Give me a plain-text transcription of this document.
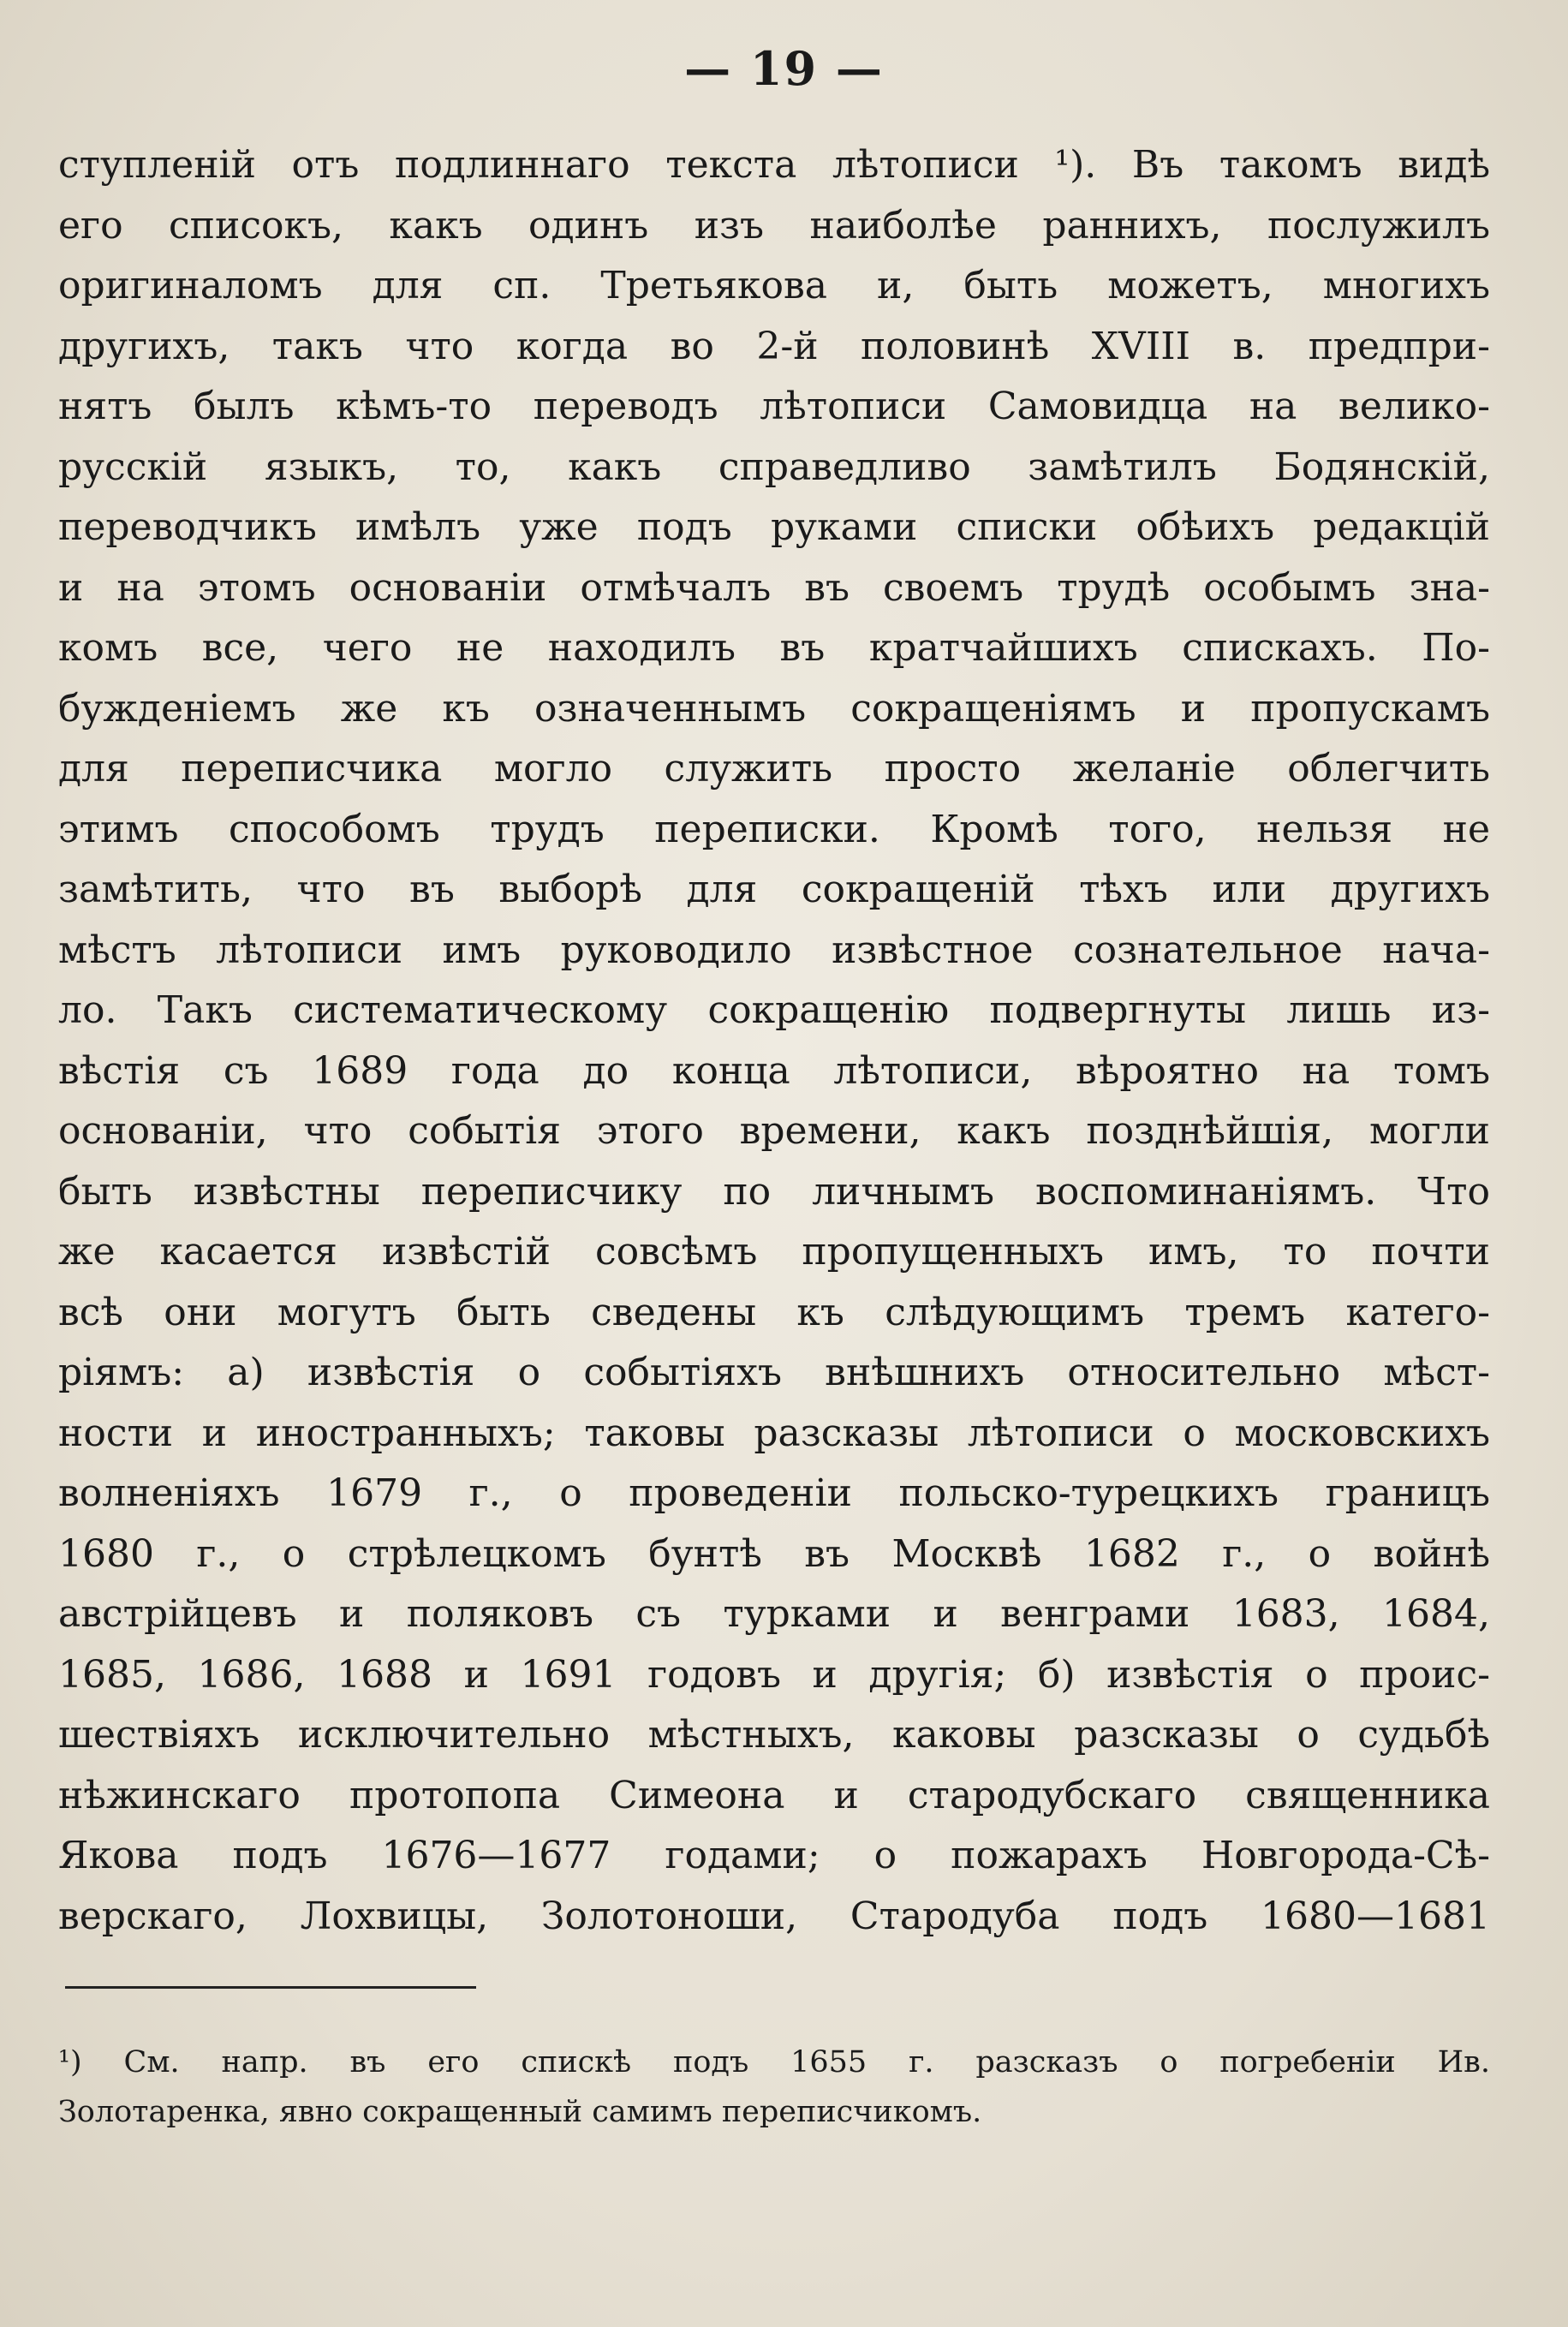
— 19 —
ступленій отъ подлиннаго текста лѣтописи ¹). Въ такомъ видѣ
его списокъ, какъ одинъ изъ наиболѣе раннихъ, послужилъ
оригиналомъ для сп. Третьякова и, быть можетъ, многихъ
другихъ, такъ что когда во 2-й половинѣ XVIII в. предпри-
нятъ былъ кѣмъ-то переводъ лѣтописи Самовидца на велико-
русскій языкъ, то, какъ справедливо замѣтилъ Бодянскій,
переводчикъ имѣлъ уже подъ руками списки обѣихъ редакцій
и на этомъ основаніи отмѣчалъ въ своемъ трудѣ особымъ зна-
комъ все, чего не находилъ въ кратчайшихъ спискахъ. По-
бужденіемъ же къ означеннымъ сокращеніямъ и пропускамъ
для переписчика могло служить просто желаніе облегчить
этимъ способомъ трудъ переписки. Кромѣ того, нельзя не
замѣтить, что въ выборѣ для сокращеній тѣхъ или другихъ
мѣстъ лѣтописи имъ руководило извѣстное сознательное нача-
ло. Такъ систематическому сокращенію подвергнуты лишь из-
вѣстія съ 1689 года до конца лѣтописи, вѣроятно на томъ
основаніи, что событія этого времени, какъ позднѣйшія, могли
быть извѣстны переписчику по личнымъ воспоминаніямъ. Что
же касается извѣстій совсѣмъ пропущенныхъ имъ, то почти
всѣ они могутъ быть сведены къ слѣдующимъ тремъ катего-
ріямъ: а) извѣстія о событіяхъ внѣшнихъ относительно мѣст-
ности и иностранныхъ; таковы разсказы лѣтописи о московскихъ
волненіяхъ 1679 г., о проведеніи польско-турецкихъ границъ
1680 г., о стрѣлецкомъ бунтѣ въ Москвѣ 1682 г., о войнѣ
австрійцевъ и поляковъ съ турками и венграми 1683, 1684,
1685, 1686, 1688 и 1691 годовъ и другія; б) извѣстія о проис-
шествіяхъ исключительно мѣстныхъ, каковы разсказы о судьбѣ
нѣжинскаго протопопа Симеона и стародубскаго священника
Якова подъ 1676—1677 годами; о пожарахъ Новгорода-Сѣ-
верскаго, Лохвицы, Золотоноши, Стародуба подъ 1680—1681
¹) См. напр. въ его спискѣ подъ 1655 г. разсказъ о погребеніи Ив.
Золотаренка, явно сокращенный самимъ переписчикомъ.
